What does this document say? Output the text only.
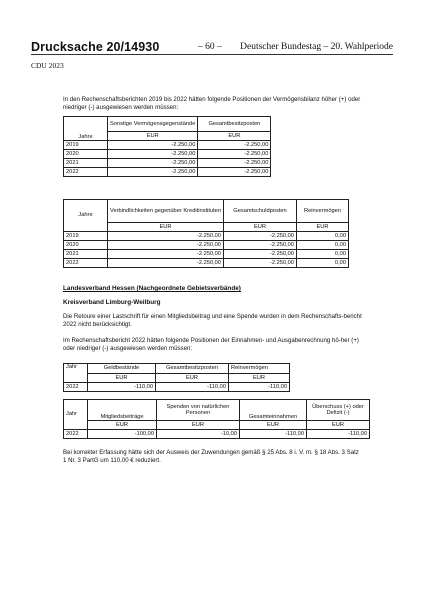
Drucksache 20/14930	– 60 – Deutscher Bundestag – 20. Wahlperiode
CDU 2023
In den Rechenschaftsberichten 2019 bis 2022 hätten folgende Positionen der Vermögensbilanz höher (+) oder niedriger (-) ausgewiesen werden müssen:
Jahre	Sonstige Vermögensgegenstände	Gesamtbesitzposten
	EUR	EUR
2019	-2.250,00	-2.250,00
2020	-2.250,00	-2.250,00
2021	-2.250,00	-2.250,00
2022	-2.250,00	-2.250,00
Jahre	Verbindlichkeiten gegenüber Kreditinstituten	Gesamtschuldposten	Reinvermögen
	EUR	EUR	EUR
2019	-2.250,00	-2.250,00	0,00
2020	-2.250,00	-2.250,00	0,00
2021	-2.250,00	-2.250,00	0,00
2022	-2.250,00	-2.250,00	0,00
Landesverband Hessen (Nachgeordnete Gebietsverbände)
Kreisverband Limburg-Weilburg
Die Retoure einer Lastschrift für einen Mitgliedsbeitrag und eine Spende wurden in dem Rechenschafts-bericht 2022 nicht berücksichtigt.
Im Rechenschaftsbericht 2022 hätten folgende Positionen der Einnahmen- und Ausgabenrechnung hö-her (+) oder niedriger (-) ausgewiesen werden müssen:
Jahr	Geldbestände	Gesamtbesitzposten	Reinvermögen
	EUR	EUR	EUR
2022	-110,00	-110,00	-110,00
Jahr	Mitgliedsbeiträge	Spenden von natürlichen Personen	Gesamteinnahmen	Überschuss (+) oder Defizit (-)
	EUR	EUR	EUR	EUR
2022	-100,00	-10,00	-110,00	-110,00
Bei korrekter Erfassung hätte sich der Ausweis der Zuwendungen gemäß § 25 Abs. 8 i. V. m. § 18 Abs. 3 Satz 1 Nr. 3 PartG um 110,00 € reduziert.
